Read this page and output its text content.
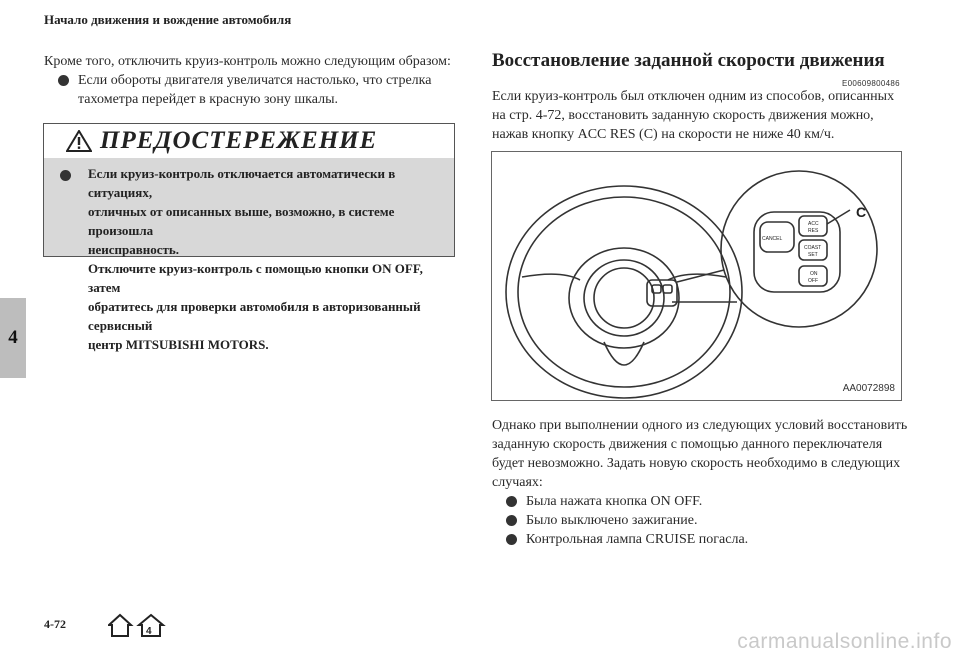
Начало движения и вождение автомобиля
Кроме того, отключить круиз-контроль можно следующим образом:
Если обороты двигателя увеличатся настолько, что стрелка
тахометра перейдет в красную зону шкалы.
ПРЕДОСТЕРЕЖЕНИЕ
Если круиз-контроль отключается автоматически в ситуациях,
отличных от описанных выше, возможно, в системе произошла
неисправность.
Отключите круиз-контроль с помощью кнопки ON OFF, затем
обратитесь для проверки автомобиля в авторизованный сервисный
центр MITSUBISHI MOTORS.
4
4-72
4
Восстановление заданной скорости движения
E00609800486
Если круиз-контроль был отключен одним из способов, описанных
на стр. 4-72, восстановить заданную скорость движения можно,
нажав кнопку ACC RES (C) на скорости не ниже 40 км/ч.
C
CANCEL
ACC
RES
COAST
SET
ON
OFF
AA0072898
Однако при выполнении одного из следующих условий восстановить
заданную скорость движения с помощью данного переключателя
будет невозможно. Задать новую скорость необходимо в следующих
случаях:
Была нажата кнопка ON OFF.
Было выключено зажигание.
Контрольная лампа CRUISE погасла.
carmanualsonline.info
